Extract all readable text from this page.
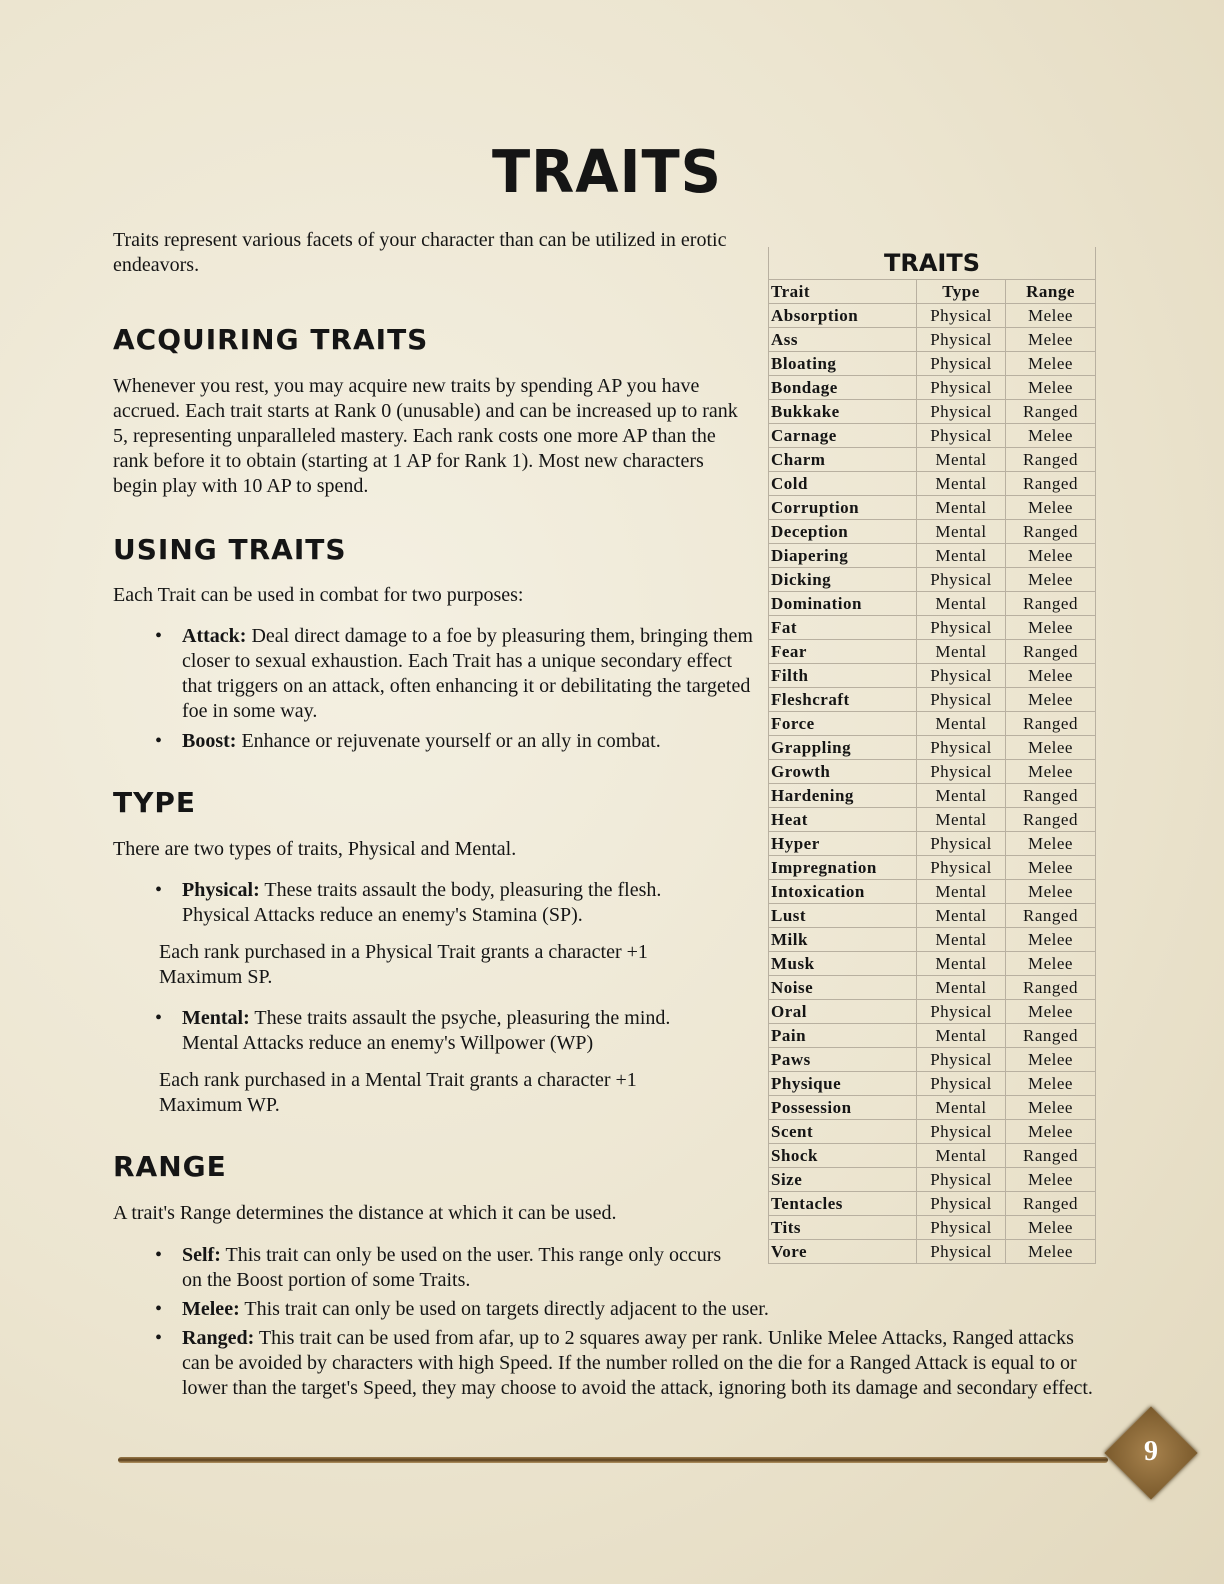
TRAITS
Traits represent various facets of your character than can be utilized in erotic endeavors.
ACQUIRING TRAITS
Whenever you rest, you may acquire new traits by spending AP you have accrued. Each trait starts at Rank 0 (unusable) and can be increased up to rank 5, representing unparalleled mastery. Each rank costs one more AP than the rank before it to obtain (starting at 1 AP for Rank 1). Most new characters begin play with 10 AP to spend.
USING TRAITS
Each Trait can be used in combat for two purposes:
• Attack: Deal direct damage to a foe by pleasuring them, bringing them closer to sexual exhaustion. Each Trait has a unique secondary effect that triggers on an attack, often enhancing it or debilitating the targeted foe in some way.
• Boost: Enhance or rejuvenate yourself or an ally in combat.
TYPE
There are two types of traits, Physical and Mental.
• Physical: These traits assault the body, pleasuring the flesh. Physical Attacks reduce an enemy's Stamina (SP).
Each rank purchased in a Physical Trait grants a character +1 Maximum SP.
• Mental: These traits assault the psyche, pleasuring the mind. Mental Attacks reduce an enemy's Willpower (WP)
Each rank purchased in a Mental Trait grants a character +1 Maximum WP.
RANGE
A trait's Range determines the distance at which it can be used.
• Self: This trait can only be used on the user. This range only occurs on the Boost portion of some Traits.
• Melee: This trait can only be used on targets directly adjacent to the user.
• Ranged: This trait can be used from afar, up to 2 squares away per rank. Unlike Melee Attacks, Ranged attacks can be avoided by characters with high Speed. If the number rolled on the die for a Ranged Attack is equal to or lower than the target's Speed, they may choose to avoid the attack, ignoring both its damage and secondary effect.
TRAITS
Trait	Type	Range
Absorption	Physical	Melee
Ass	Physical	Melee
Bloating	Physical	Melee
Bondage	Physical	Melee
Bukkake	Physical	Ranged
Carnage	Physical	Melee
Charm	Mental	Ranged
Cold	Mental	Ranged
Corruption	Mental	Melee
Deception	Mental	Ranged
Diapering	Mental	Melee
Dicking	Physical	Melee
Domination	Mental	Ranged
Fat	Physical	Melee
Fear	Mental	Ranged
Filth	Physical	Melee
Fleshcraft	Physical	Melee
Force	Mental	Ranged
Grappling	Physical	Melee
Growth	Physical	Melee
Hardening	Mental	Ranged
Heat	Mental	Ranged
Hyper	Physical	Melee
Impregnation	Physical	Melee
Intoxication	Mental	Melee
Lust	Mental	Ranged
Milk	Mental	Melee
Musk	Mental	Melee
Noise	Mental	Ranged
Oral	Physical	Melee
Pain	Mental	Ranged
Paws	Physical	Melee
Physique	Physical	Melee
Possession	Mental	Melee
Scent	Physical	Melee
Shock	Mental	Ranged
Size	Physical	Melee
Tentacles	Physical	Ranged
Tits	Physical	Melee
Vore	Physical	Melee
9
